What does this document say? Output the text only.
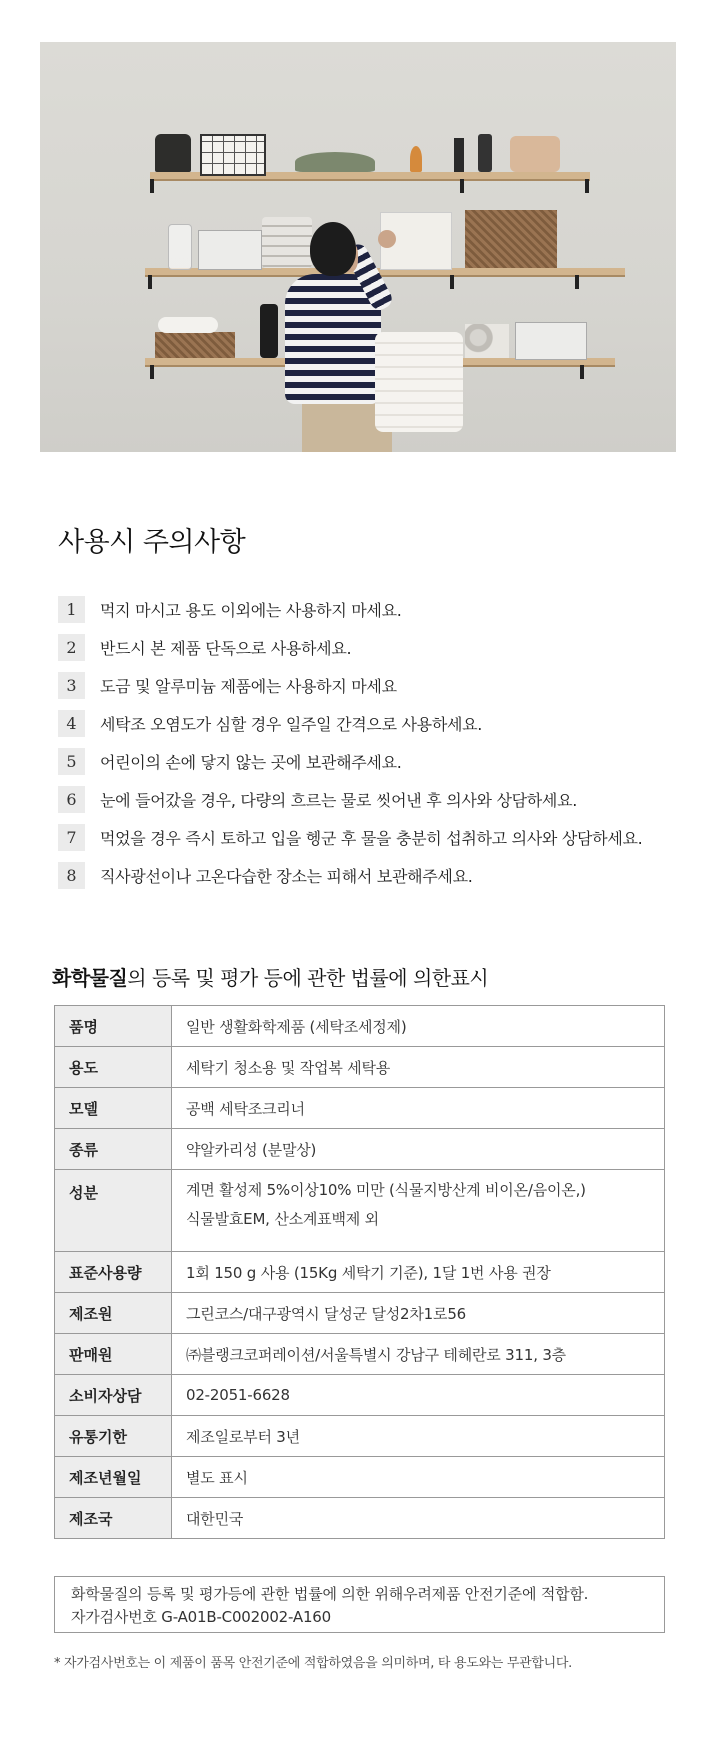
사용시 주의사항
1	먹지 마시고 용도 이외에는 사용하지 마세요.
2	반드시 본 제품 단독으로 사용하세요.
3	도금 및 알루미늄 제품에는 사용하지 마세요
4	세탁조 오염도가 심할 경우 일주일 간격으로 사용하세요.
5	어린이의 손에 닿지 않는 곳에 보관해주세요.
6	눈에 들어갔을 경우, 다량의 흐르는 물로 씻어낸 후 의사와 상담하세요.
7	먹었을 경우 즉시 토하고 입을 헹군 후 물을 충분히 섭취하고 의사와 상담하세요.
8	직사광선이나 고온다습한 장소는 피해서 보관해주세요.
화학물질의 등록 및 평가 등에 관한 법률에 의한표시
품명	일반 생활화학제품 (세탁조세정제)
용도	세탁기 청소용 및 작업복 세탁용
모델	공백 세탁조크리너
종류	약알카리성 (분말상)
성분	계면 활성제 5%이상10% 미만 (식물지방산계 비이온/음이온,)
식물발효EM, 산소계표백제 외

표준사용량	1회 150 g 사용 (15Kg 세탁기 기준), 1달 1번 사용 권장
제조원	그린코스/대구광역시 달성군 달성2차1로56
판매원	㈜블랭크코퍼레이션/서울특별시 강남구 테헤란로 311, 3층
소비자상담	02-2051-6628
유통기한	제조일로부터 3년
제조년월일	별도 표시
제조국	대한민국
화학물질의 등록 및 평가등에 관한 법률에 의한 위해우려제품 안전기준에 적합함.
자가검사번호 G-A01B-C002002-A160

* 자가검사번호는 이 제품이 품목 안전기준에 적합하였음을 의미하며, 타 용도와는 무관합니다.
